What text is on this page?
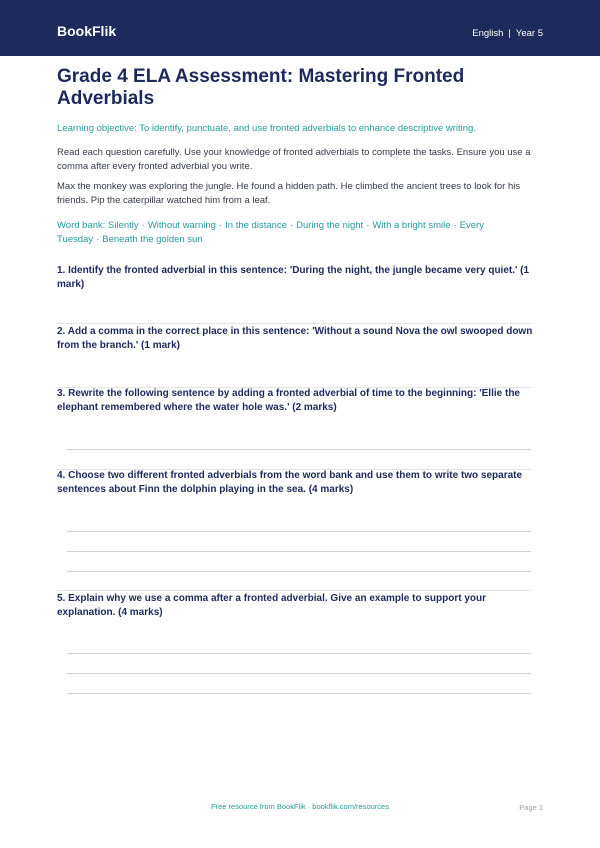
BookFlik	English | Year 5
Grade 4 ELA Assessment: Mastering Fronted Adverbials

Learning objective: To identify, punctuate, and use fronted adverbials to enhance descriptive writing.

Read each question carefully. Use your knowledge of fronted adverbials to complete the tasks. Ensure you use a comma after every fronted adverbial you write.

Max the monkey was exploring the jungle. He found a hidden path. He climbed the ancient trees to look for his friends. Pip the caterpillar watched him from a leaf.

Word bank: Silently · Without warning · In the distance · During the night · With a bright smile · Every Tuesday · Beneath the golden sun

1. Identify the fronted adverbial in this sentence: 'During the night, the jungle became very quiet.' (1 mark)

2. Add a comma in the correct place in this sentence: 'Without a sound Nova the owl swooped down from the branch.' (1 mark)

3. Rewrite the following sentence by adding a fronted adverbial of time to the beginning: 'Ellie the elephant remembered where the water hole was.' (2 marks)

4. Choose two different fronted adverbials from the word bank and use them to write two separate sentences about Finn the dolphin playing in the sea. (4 marks)

5. Explain why we use a comma after a fronted adverbial. Give an example to support your explanation. (4 marks)

Free resource from BookFlik · bookflik.com/resources	Page 1
